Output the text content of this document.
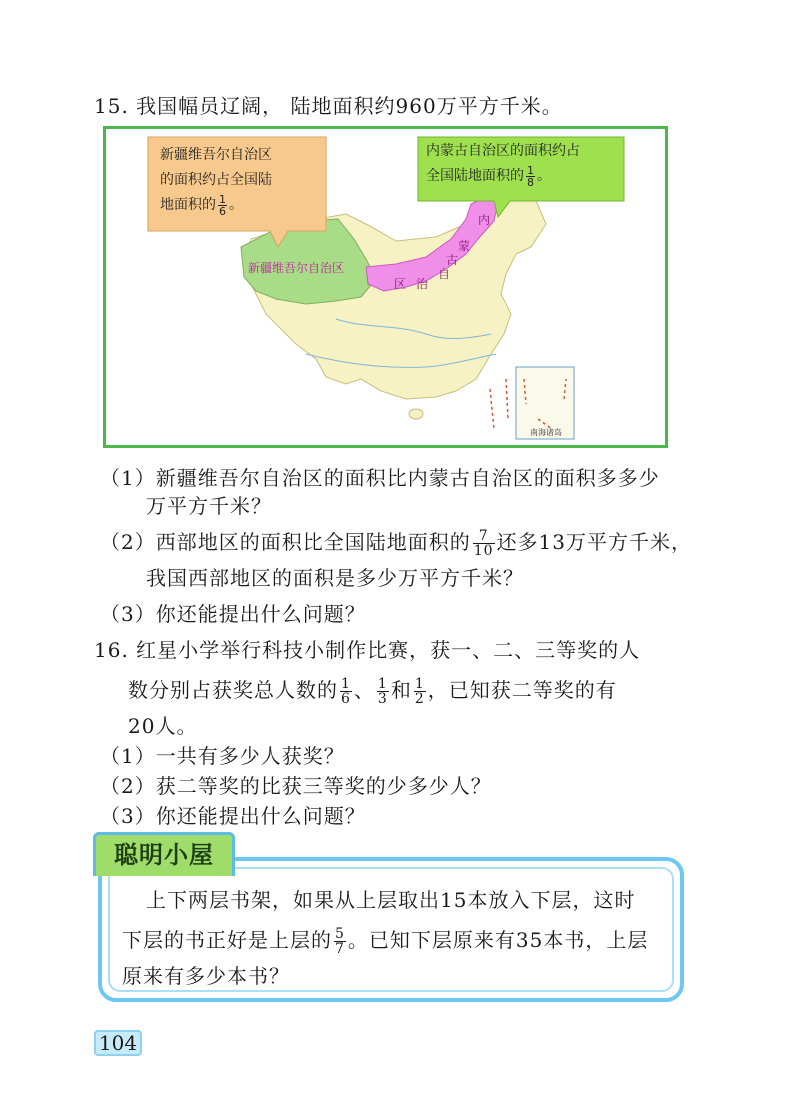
15. 我国幅员辽阔， 陆地面积约960万平方千米。
新疆维吾尔自治区
的面积约占全国陆
地面积的 $\frac{1}{6}$ 。
内蒙古自治区的面积约占
全国陆地面积的 $\frac{1}{8}$ 。
新疆维吾尔自治区
内
蒙
古
自
治
区
南海诸岛
（1）新疆维吾尔自治区的面积比内蒙古自治区的面积多多少
万平方千米？
（2）西部地区的面积比全国陆地面积的 $\frac{7}{10}$ 还多13万平方千米，
我国西部地区的面积是多少万平方千米？
（3）你还能提出什么问题？
16. 红星小学举行科技小制作比赛，获一、二、三等奖的人
数分别占获奖总人数的 $\frac{1}{6}$ 、 $\frac{1}{3}$ 和 $\frac{1}{2}$ ，已知获二等奖的有
20人。
（1）一共有多少人获奖？
（2）获二等奖的比获三等奖的少多少人？
（3）你还能提出什么问题？
聪明小屋
上下两层书架，如果从上层取出15本放入下层，这时
下层的书正好是上层的 $\frac{5}{7}$ 。已知下层原来有35本书，上层
原来有多少本书？
104
